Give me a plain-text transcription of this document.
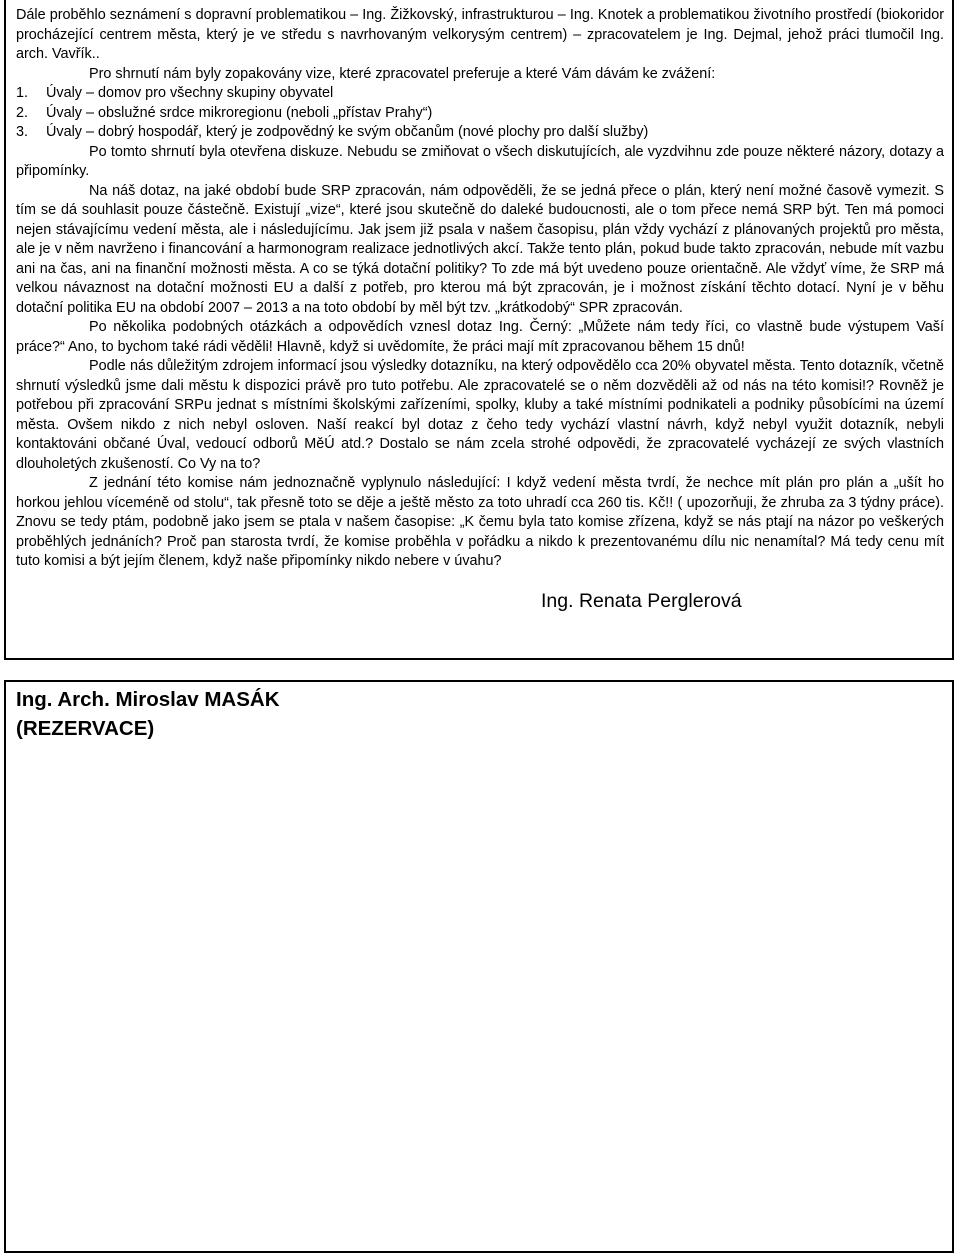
Dále proběhlo seznámení s dopravní problematikou – Ing. Žižkovský, infrastrukturou – Ing. Knotek a problematikou životního prostředí (biokoridor procházející centrem města, který je ve středu s navrhovaným velkorysým centrem) – zpracovatelem je Ing. Dejmal, jehož práci tlumočil Ing. arch. Vavřík..

Pro shrnutí nám byly zopakovány vize, které zpracovatel preferuje a které Vám dávám ke zvážení:

1. Úvaly – domov pro všechny skupiny obyvatel
2. Úvaly – obslužné srdce mikroregionu (neboli „přístav Prahy“)
3. Úvaly – dobrý hospodář, který je zodpovědný ke svým občanům (nové plochy pro další služby)

Po tomto shrnutí byla otevřena diskuze. Nebudu se zmiňovat o všech diskutujících, ale vyzdvihnu zde pouze některé názory, dotazy a připomínky.

Na náš dotaz, na jaké období bude SRP zpracován, nám odpověděli, že se jedná přece o plán, který není možné časově vymezit. S tím se dá souhlasit pouze částečně. Existují „vize“, které jsou skutečně do daleké budoucnosti, ale o tom přece nemá SRP být. Ten má pomoci nejen stávajícímu vedení města, ale i následujícímu. Jak jsem již psala v našem časopisu, plán vždy vychází z plánovaných projektů pro města, ale je v něm navrženo i financování a harmonogram realizace jednotlivých akcí. Takže tento plán, pokud bude takto zpracován, nebude mít vazbu ani na čas, ani na finanční možnosti města. A co se týká dotační politiky? To zde má být uvedeno pouze orientačně. Ale vždyť víme, že SRP má velkou návaznost na dotační možnosti EU a další z potřeb, pro kterou má být zpracován, je i možnost získání těchto dotací. Nyní je v běhu dotační politika EU na období 2007 – 2013 a na toto období by měl být tzv. „krátkodobý“ SPR zpracován.

Po několika podobných otázkách a odpovědích vznesl dotaz Ing. Černý: „Můžete nám tedy říci, co vlastně bude výstupem Vaší práce?“ Ano, to bychom také rádi věděli! Hlavně, když si uvědomíte, že práci mají mít zpracovanou během 15 dnů!

Podle nás důležitým zdrojem informací jsou výsledky dotazníku, na který odpovědělo cca 20% obyvatel města. Tento dotazník, včetně shrnutí výsledků jsme dali městu k dispozici právě pro tuto potřebu. Ale zpracovatelé se o něm dozvěděli až od nás na této komisi!? Rovněž je potřebou při zpracování SRPu jednat s místními školskými zařízeními, spolky, kluby a také místními podnikateli a podniky působícími na území města. Ovšem nikdo z nich nebyl osloven. Naší reakcí byl dotaz z čeho tedy vychází vlastní návrh, když nebyl využit dotazník, nebyli kontaktováni občané Úval, vedoucí odborů MěÚ atd.? Dostalo se nám zcela strohé odpovědi, že zpracovatelé vycházejí ze svých vlastních dlouholetých zkušeností. Co Vy na to?

Z jednání této komise nám jednoznačně vyplynulo následující: I když vedení města tvrdí, že nechce mít plán pro plán a „ušít ho horkou jehlou víceméně od stolu“, tak přesně toto se děje a ještě město za toto uhradí cca 260 tis. Kč!! ( upozorňuji, že zhruba za 3 týdny práce). Znovu se tedy ptám, podobně jako jsem se ptala v našem časopise: „K čemu byla tato komise zřízena, když se nás ptají na názor po veškerých proběhlých jednáních? Proč pan starosta tvrdí, že komise proběhla v pořádku a nikdo k prezentovanému dílu nic nenamítal? Má tedy cenu mít tuto komisi a být jejím členem, když naše připomínky nikdo nebere v úvahu?

Ing. Renata Perglerová

Ing. Arch. Miroslav MASÁK

(REZERVACE)
